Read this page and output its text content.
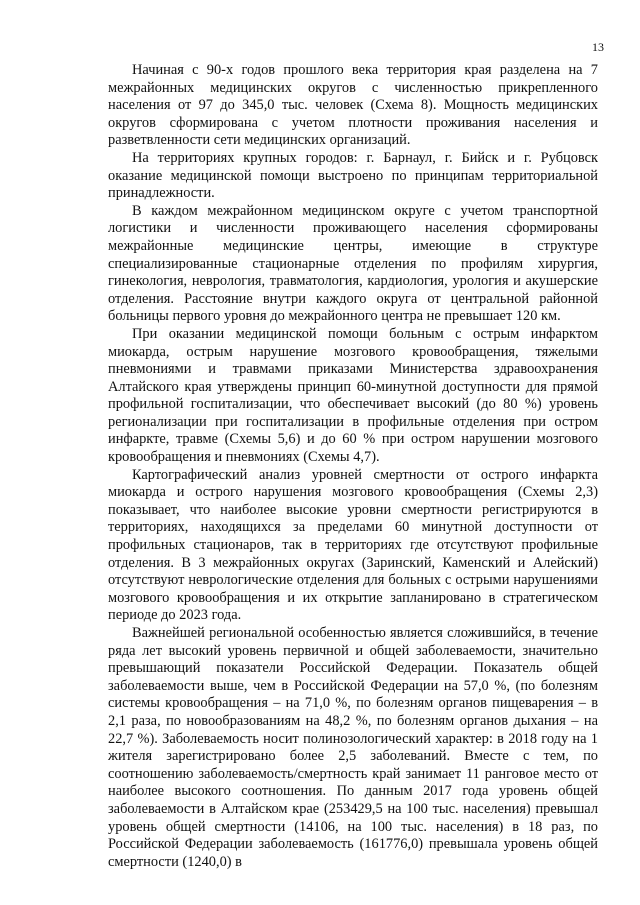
13

Начиная с 90-х годов прошлого века территория края разделена на 7 межрайонных медицинских округов с численностью прикрепленного населения от 97 до 345,0 тыс. человек (Схема 8). Мощность медицинских округов сформирована с учетом плотности проживания населения и разветвленности сети медицинских организаций.

На территориях крупных городов: г. Барнаул, г. Бийск и г. Рубцовск оказание медицинской помощи выстроено по принципам территориальной принадлежности.

В каждом межрайонном медицинском округе с учетом транспортной логистики и численности проживающего населения сформированы межрайонные медицинские центры, имеющие в структуре специализированные стационарные отделения по профилям хирургия, гинекология, неврология, травматология, кардиология, урология и акушерские отделения. Расстояние внутри каждого округа от центральной районной больницы первого уровня до межрайонного центра не превышает 120 км.

При оказании медицинской помощи больным с острым инфарктом миокарда, острым нарушение мозгового кровообращения, тяжелыми пневмониями и травмами приказами Министерства здравоохранения Алтайского края утверждены принцип 60-минутной доступности для прямой профильной госпитализации, что обеспечивает высокий (до 80 %) уровень регионализации при госпитализации в профильные отделения при остром инфаркте, травме (Схемы 5,6) и до 60 % при остром нарушении мозгового кровообращения и пневмониях (Схемы 4,7).

Картографический анализ уровней смертности от острого инфаркта миокарда и острого нарушения мозгового кровообращения (Схемы 2,3) показывает, что наиболее высокие уровни смертности регистрируются в территориях, находящихся за пределами 60 минутной доступности от профильных стационаров, так в территориях где отсутствуют профильные отделения. В 3 межрайонных округах (Заринский, Каменский и Алейский) отсутствуют неврологические отделения для больных с острыми нарушениями мозгового кровообращения и их открытие запланировано в стратегическом периоде до 2023 года.

Важнейшей региональной особенностью является сложившийся, в течение ряда лет высокий уровень первичной и общей заболеваемости, значительно превышающий показатели Российской Федерации. Показатель общей заболеваемости выше, чем в Российской Федерации на 57,0 %, (по болезням системы кровообращения – на 71,0 %, по болезням органов пищеварения – в 2,1 раза, по новообразованиям на 48,2 %, по болезням органов дыхания – на 22,7 %). Заболеваемость носит полинозологический характер: в 2018 году на 1 жителя зарегистрировано более 2,5 заболеваний. Вместе с тем, по соотношению заболеваемость/смертность край занимает 11 ранговое место от наиболее высокого соотношения. По данным 2017 года уровень общей заболеваемости в Алтайском крае (253429,5 на 100 тыс. населения) превышал уровень общей смертности (14106, на 100 тыс. населения) в 18 раз, по Российской Федерации заболеваемость (161776,0) превышала уровень общей смертности (1240,0) в
